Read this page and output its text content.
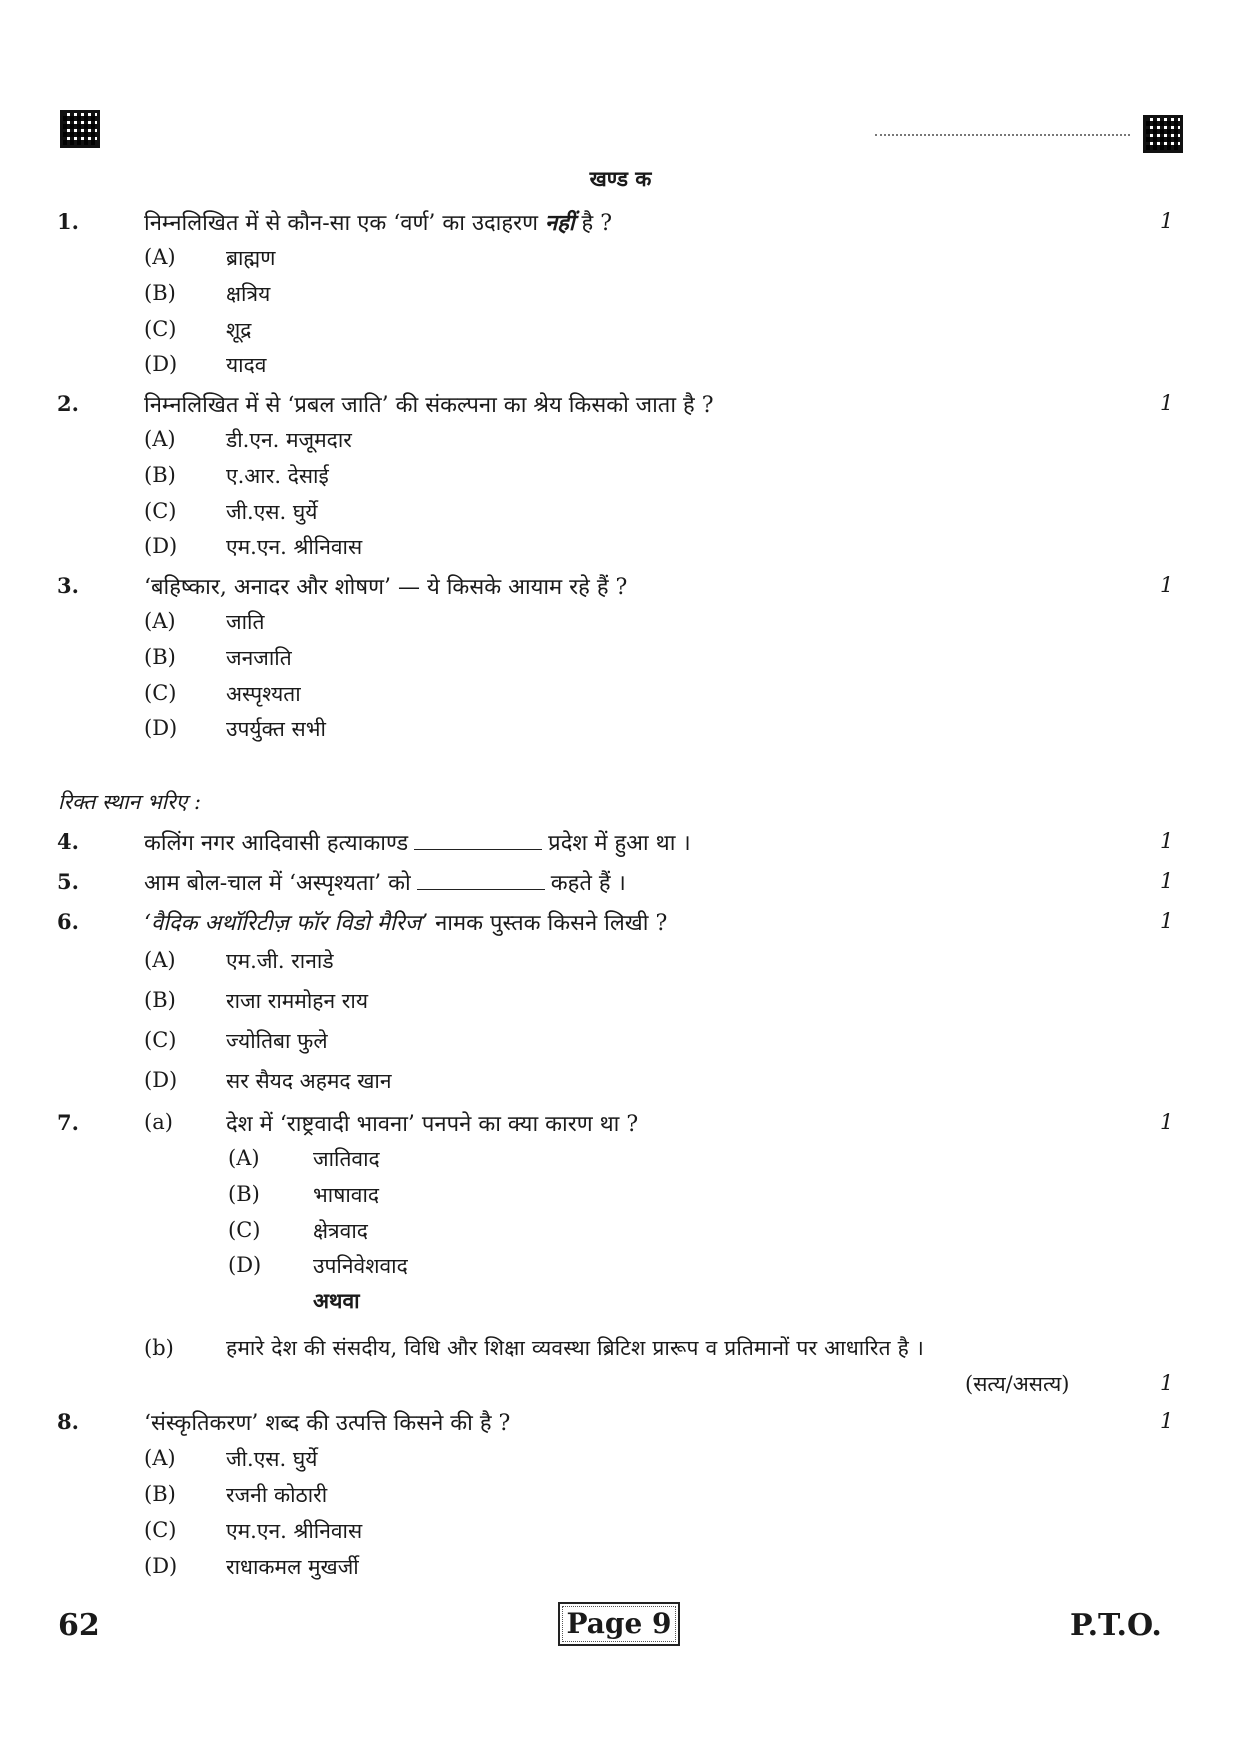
खण्ड क
1.	निम्नलिखित में से कौन-सा एक ‘वर्ण’ का उदाहरण नहीं है ?	1
(A) ब्राह्मण
(B) क्षत्रिय
(C) शूद्र
(D) यादव
2.	निम्नलिखित में से ‘प्रबल जाति’ की संकल्पना का श्रेय किसको जाता है ?	1
(A) डी.एन. मजूमदार
(B) ए.आर. देसाई
(C) जी.एस. घुर्ये
(D) एम.एन. श्रीनिवास
3.	‘बहिष्कार, अनादर और शोषण’ — ये किसके आयाम रहे हैं ?	1
(A) जाति
(B) जनजाति
(C) अस्पृश्यता
(D) उपर्युक्त सभी
रिक्त स्थान भरिए :
4.	कलिंग नगर आदिवासी हत्याकाण्ड	प्रदेश में हुआ था ।	1
5.	आम बोल-चाल में ‘अस्पृश्यता’ को	कहते हैं ।	1
6.	‘वैदिक अथॉरिटीज़ फॉर विडो मैरिज’ नामक पुस्तक किसने लिखी ?	1
(A) एम.जी. रानाडे
(B) राजा राममोहन राय
(C) ज्योतिबा फुले
(D) सर सैयद अहमद खान
7.	(a) देश में ‘राष्ट्रवादी भावना’ पनपने का क्या कारण था ?	1
(A)	जातिवाद
(B)	भाषावाद
(C)	क्षेत्रवाद
(D) उपनिवेशवाद
अथवा
(b) हमारे देश की संसदीय, विधि और शिक्षा व्यवस्था ब्रिटिश प्रारूप व प्रतिमानों पर आधारित है ।
(सत्य/असत्य)	1
8.	‘संस्कृतिकरण’ शब्द की उत्पत्ति किसने की है ?	1
(A) जी.एस. घुर्ये
(B) रजनी कोठारी
(C) एम.एन. श्रीनिवास
(D) राधाकमल मुखर्जी
62	Page 9	P.T.O.
